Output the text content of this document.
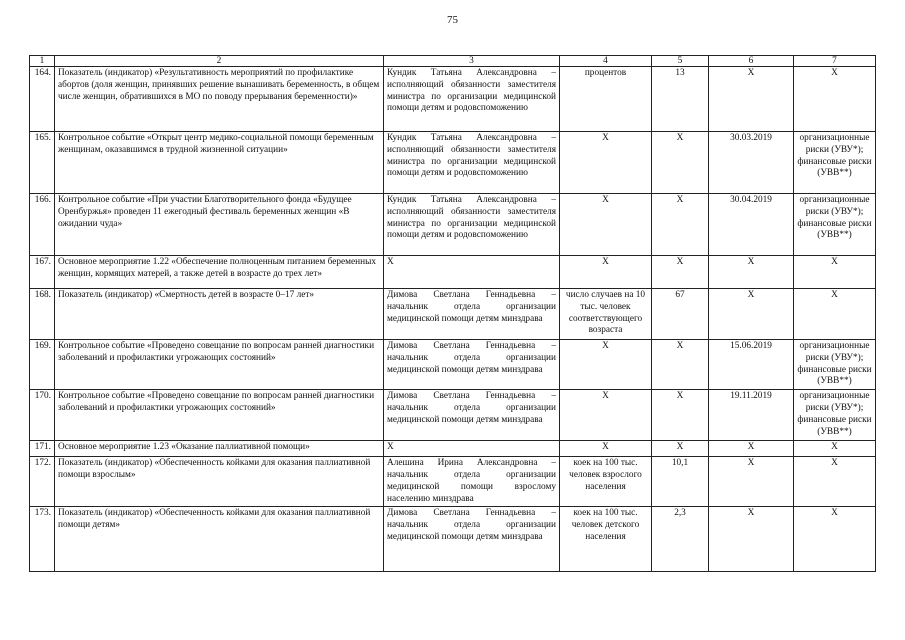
75
1	2	3	4	5	6	7
164.	Показатель (индикатор) «Результативность мероприятий по профилактике абортов (доля женщин, принявших решение вынашивать беременность, в общем числе женщин, обратившихся в МО по поводу прерывания беременности)»	Кундик Татьяна Александровна – исполняющий обязанности заместителя министра по организации медицинской помощи детям и родовспоможению	процентов	13	Х	Х
165.	Контрольное событие «Открыт центр медико-социальной помощи беременным женщинам, оказавшимся в трудной жизненной ситуации»	Кундик Татьяна Александровна – исполняющий обязанности заместителя министра по организации медицинской помощи детям и родовспоможению	Х	Х	30.03.2019	организационные риски (УВУ*); финансовые риски (УВВ**)
166.	Контрольное событие «При участии Благотворительного фонда «Будущее Оренбуржья» проведен 11 ежегодный фестиваль беременных женщин «В ожидании чуда»	Кундик Татьяна Александровна – исполняющий обязанности заместителя министра по организации медицинской помощи детям и родовспоможению	Х	Х	30.04.2019	организационные риски (УВУ*); финансовые риски (УВВ**)
167.	Основное мероприятие 1.22 «Обеспечение полноценным питанием беременных женщин, кормящих матерей, а также детей в возрасте до трех лет»	Х	Х	Х	Х	Х
168.	Показатель (индикатор) «Смертность детей в возрасте 0–17 лет»	Димова Светлана Геннадьевна – начальник отдела организации медицинской помощи детям минздрава	число случаев на 10 тыс. человек соответствующего возраста	67	Х	Х
169.	Контрольное событие «Проведено совещание по вопросам ранней диагностики заболеваний и профилактики угрожающих состояний»	Димова Светлана Геннадьевна – начальник отдела организации медицинской помощи детям минздрава	Х	Х	15.06.2019	организационные риски (УВУ*); финансовые риски (УВВ**)
170.	Контрольное событие «Проведено совещание по вопросам ранней диагностики заболеваний и профилактики угрожающих состояний»	Димова Светлана Геннадьевна – начальник отдела организации медицинской помощи детям минздрава	Х	Х	19.11.2019	организационные риски (УВУ*); финансовые риски (УВВ**)
171.	Основное мероприятие 1.23 «Оказание паллиативной помощи»	Х	Х	Х	Х	Х
172.	Показатель (индикатор) «Обеспеченность койками для оказания паллиативной помощи взрослым»	Алешина Ирина Александровна – начальник отдела организации медицинской помощи взрослому населению минздрава	коек на 100 тыс. человек взрослого населения	10,1	Х	Х
173.	Показатель (индикатор) «Обеспеченность койками для оказания паллиативной помощи детям»	Димова Светлана Геннадьевна – начальник отдела организации медицинской помощи детям минздрава	коек на 100 тыс. человек детского населения	2,3	Х	Х
